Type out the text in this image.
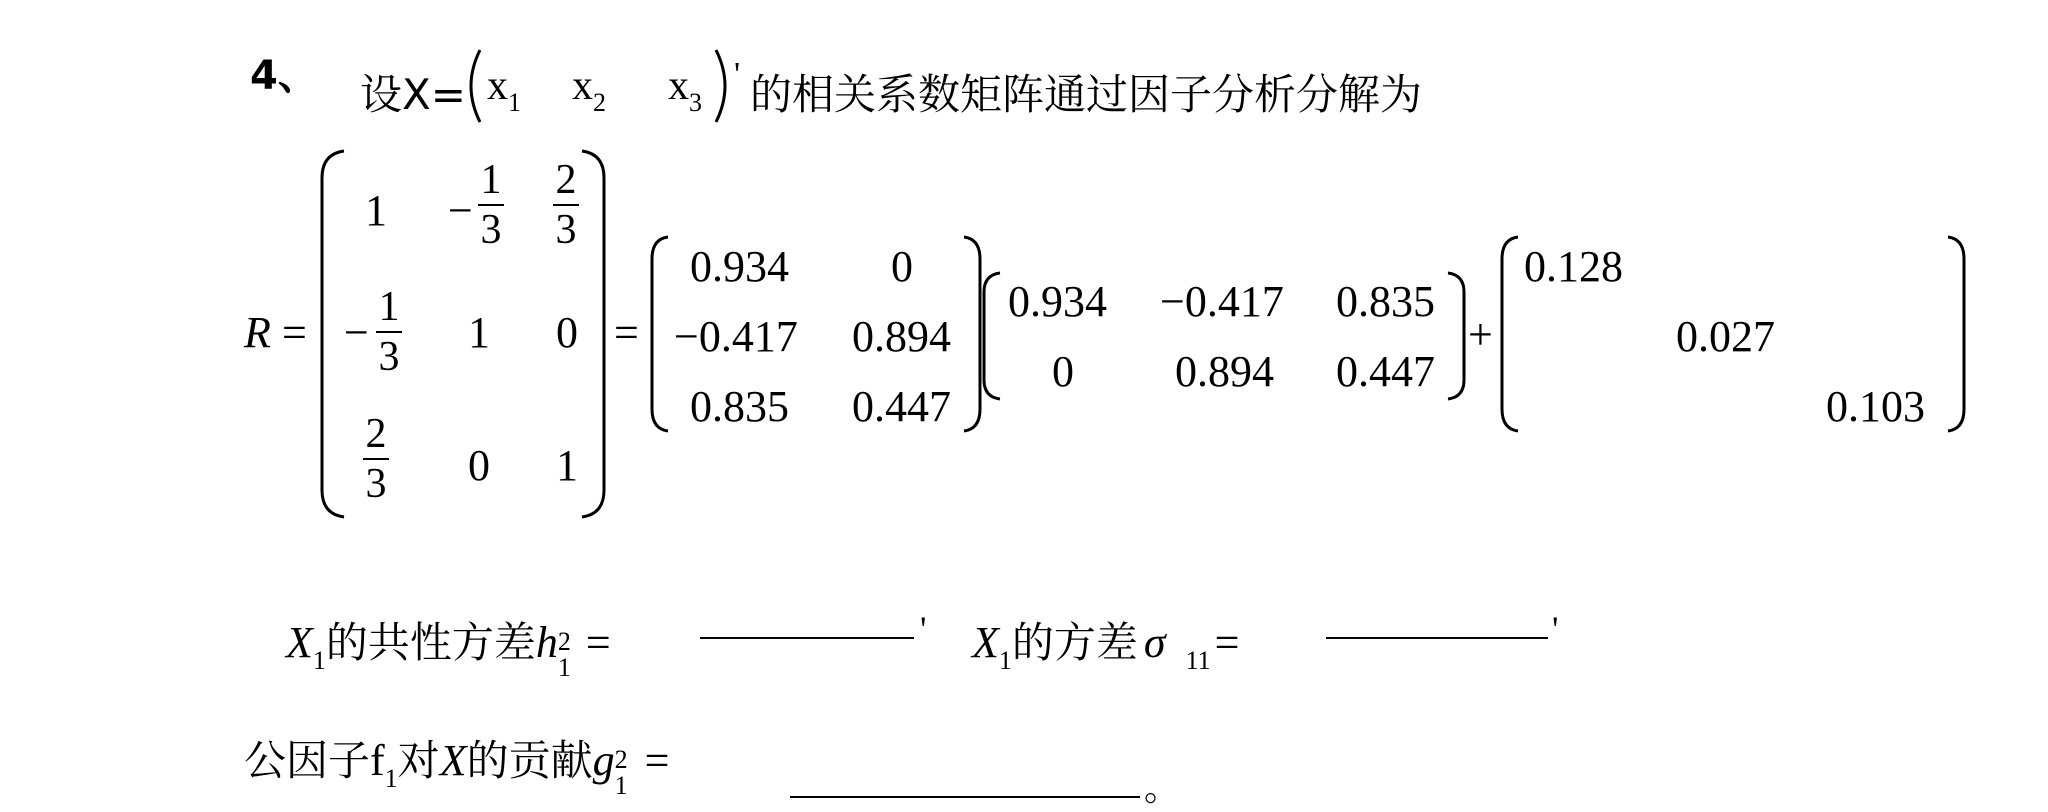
4、 设$X= x_1$ $x_2$ $x_3$
' 的相关系数矩阵通过因子分析分解为
R =
1 −
1
3
2
3
−
1
3 1 0
2
3 0 1
=
0.934 0
−0.417 0.894
0.835 0.447
0.934 −0.417 0.835
0 0.894 0.447
+
0.128
0.027
0.103
$X_1$的共性方差h 2
1
=	' $X_1$的方差 σ $_{11}$=	'
公因子$f_1$对X的贡献g 2
1
=
。
